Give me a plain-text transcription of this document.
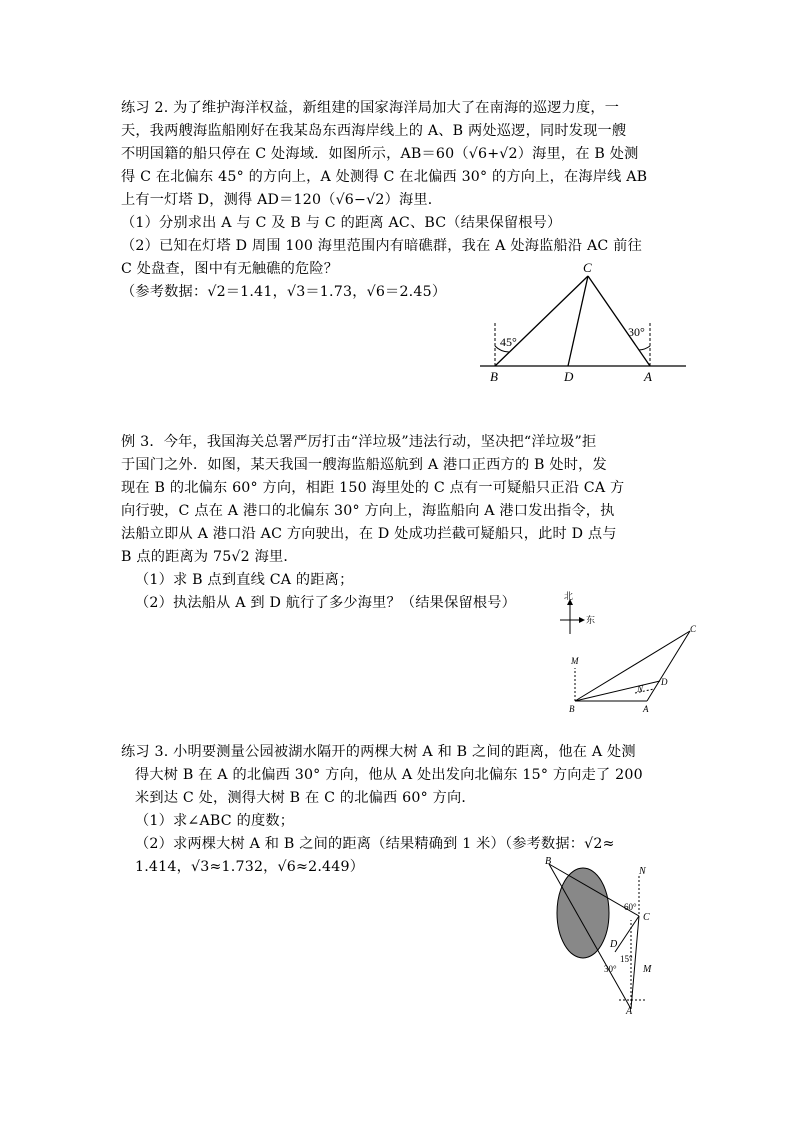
练习 2. 为了维护海洋权益，新组建的国家海洋局加大了在南海的巡逻力度，一
天，我两艘海监船刚好在我某岛东西海岸线上的 A、B 两处巡逻，同时发现一艘
不明国籍的船只停在 C 处海域．如图所示，AB＝60（√6+√2）海里，在 B 处测
得 C 在北偏东 45° 的方向上，A 处测得 C 在北偏西 30° 的方向上，在海岸线 AB
上有一灯塔 D，测得 AD＝120（√6−√2）海里．
（1）分别求出 A 与 C 及 B 与 C 的距离 AC、BC（结果保留根号）
（2）已知在灯塔 D 周围 100 海里范围内有暗礁群，我在 A 处海监船沿 AC 前往
C 处盘查，图中有无触礁的危险？
（参考数据：√2＝1.41，√3＝1.73，√6＝2.45）
45°
30°
C
B	D	A
例 3．今年，我国海关总署严厉打击“洋垃圾”违法行动，坚决把“洋垃圾”拒
于国门之外．如图，某天我国一艘海监船巡航到 A 港口正西方的 B 处时，发
现在 B 的北偏东 60° 方向，相距 150 海里处的 C 点有一可疑船只正沿 CA 方
向行驶，C 点在 A 港口的北偏东 30° 方向上，海监船向 A 港口发出指令，执
法船立即从 A 港口沿 AC 方向驶出，在 D 处成功拦截可疑船只，此时 D 点与
B 点的距离为 75√2 海里．
（1）求 B 点到直线 CA 的距离；
（2）执法船从 A 到 D 航行了多少海里？（结果保留根号）	北
东
C
M
D
N
B	A
练习 3. 小明要测量公园被湖水隔开的两棵大树 A 和 B 之间的距离，他在 A 处测
得大树 B 在 A 的北偏西 30° 方向，他从 A 处出发向北偏东 15° 方向走了 200
米到达 C 处，测得大树 B 在 C 的北偏西 60° 方向．
（1）求∠ABC 的度数；
（2）求两棵大树 A 和 B 之间的距离（结果精确到 1 米）（参考数据：√2≈
1.414，√3≈1.732，√6≈2.449）	B
N
C
D
M
A
60°
15°
30°
